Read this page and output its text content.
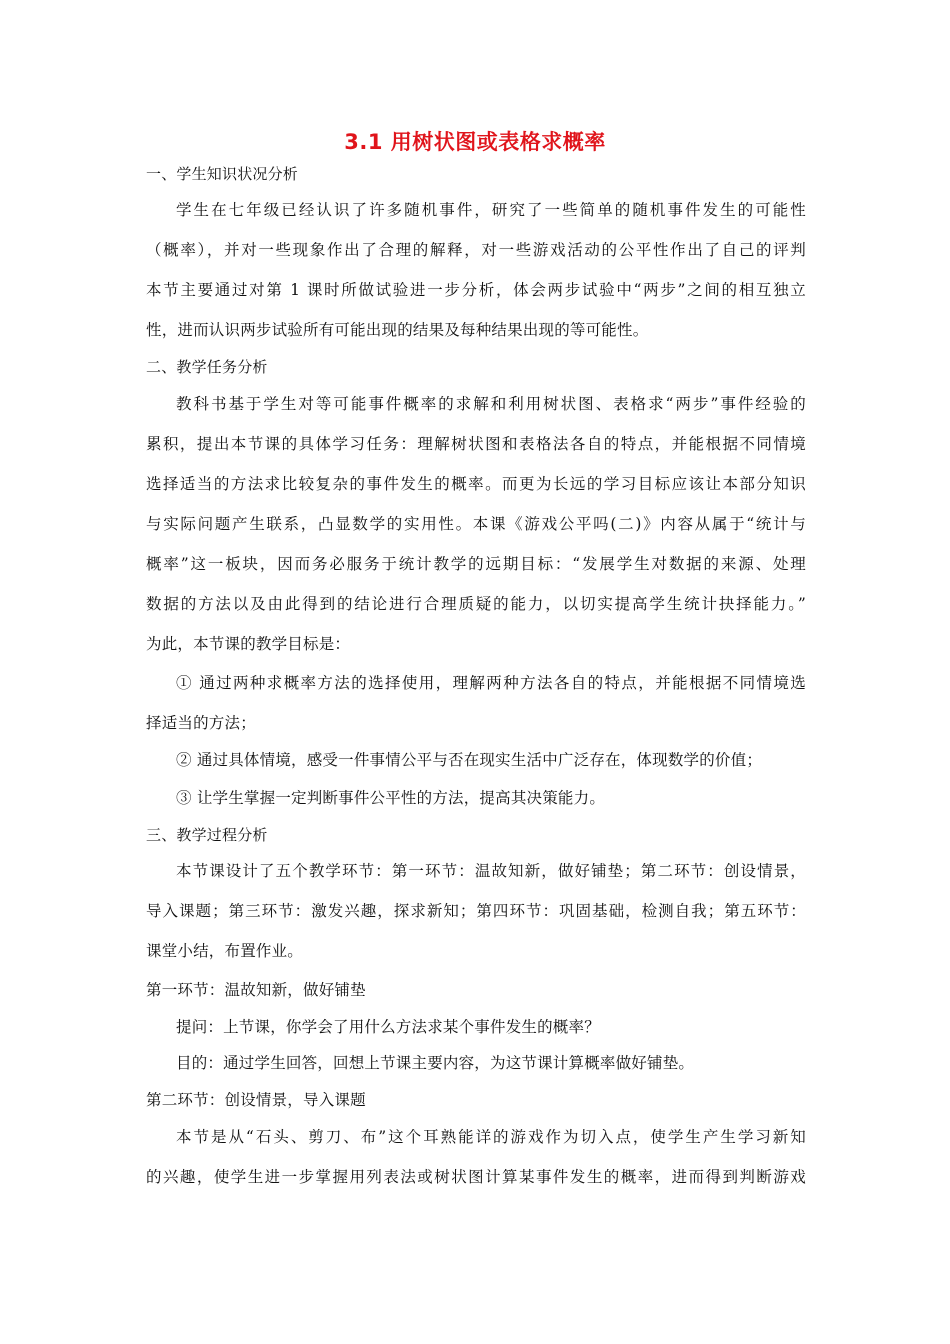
3.1 用树状图或表格求概率
一、学生知识状况分析
学生在七年级已经认识了许多随机事件，研究了一些简单的随机事件发生的可能性
（概率），并对一些现象作出了合理的解释，对一些游戏活动的公平性作出了自己的评判
本节主要通过对第 1 课时所做试验进一步分析，体会两步试验中“两步”之间的相互独立
性，进而认识两步试验所有可能出现的结果及每种结果出现的等可能性。
二、教学任务分析
教科书基于学生对等可能事件概率的求解和利用树状图、表格求“两步”事件经验的
累积，提出本节课的具体学习任务：理解树状图和表格法各自的特点，并能根据不同情境
选择适当的方法求比较复杂的事件发生的概率。而更为长远的学习目标应该让本部分知识
与实际问题产生联系，凸显数学的实用性。本课《游戏公平吗(二)》内容从属于“统计与
概率”这一板块，因而务必服务于统计教学的远期目标：“发展学生对数据的来源、处理
数据的方法以及由此得到的结论进行合理质疑的能力，以切实提高学生统计抉择能力。”
为此，本节课的教学目标是：
① 通过两种求概率方法的选择使用，理解两种方法各自的特点，并能根据不同情境选
择适当的方法；
② 通过具体情境，感受一件事情公平与否在现实生活中广泛存在，体现数学的价值；
③ 让学生掌握一定判断事件公平性的方法，提高其决策能力。
三、教学过程分析
本节课设计了五个教学环节：第一环节：温故知新，做好铺垫；第二环节：创设情景，
导入课题；第三环节：激发兴趣，探求新知；第四环节：巩固基础，检测自我；第五环节：
课堂小结，布置作业。
第一环节：温故知新，做好铺垫
提问：上节课，你学会了用什么方法求某个事件发生的概率？
目的：通过学生回答，回想上节课主要内容，为这节课计算概率做好铺垫。
第二环节：创设情景，导入课题
本节是从“石头、剪刀、布”这个耳熟能详的游戏作为切入点，使学生产生学习新知
的兴趣，使学生进一步掌握用列表法或树状图计算某事件发生的概率，进而得到判断游戏
